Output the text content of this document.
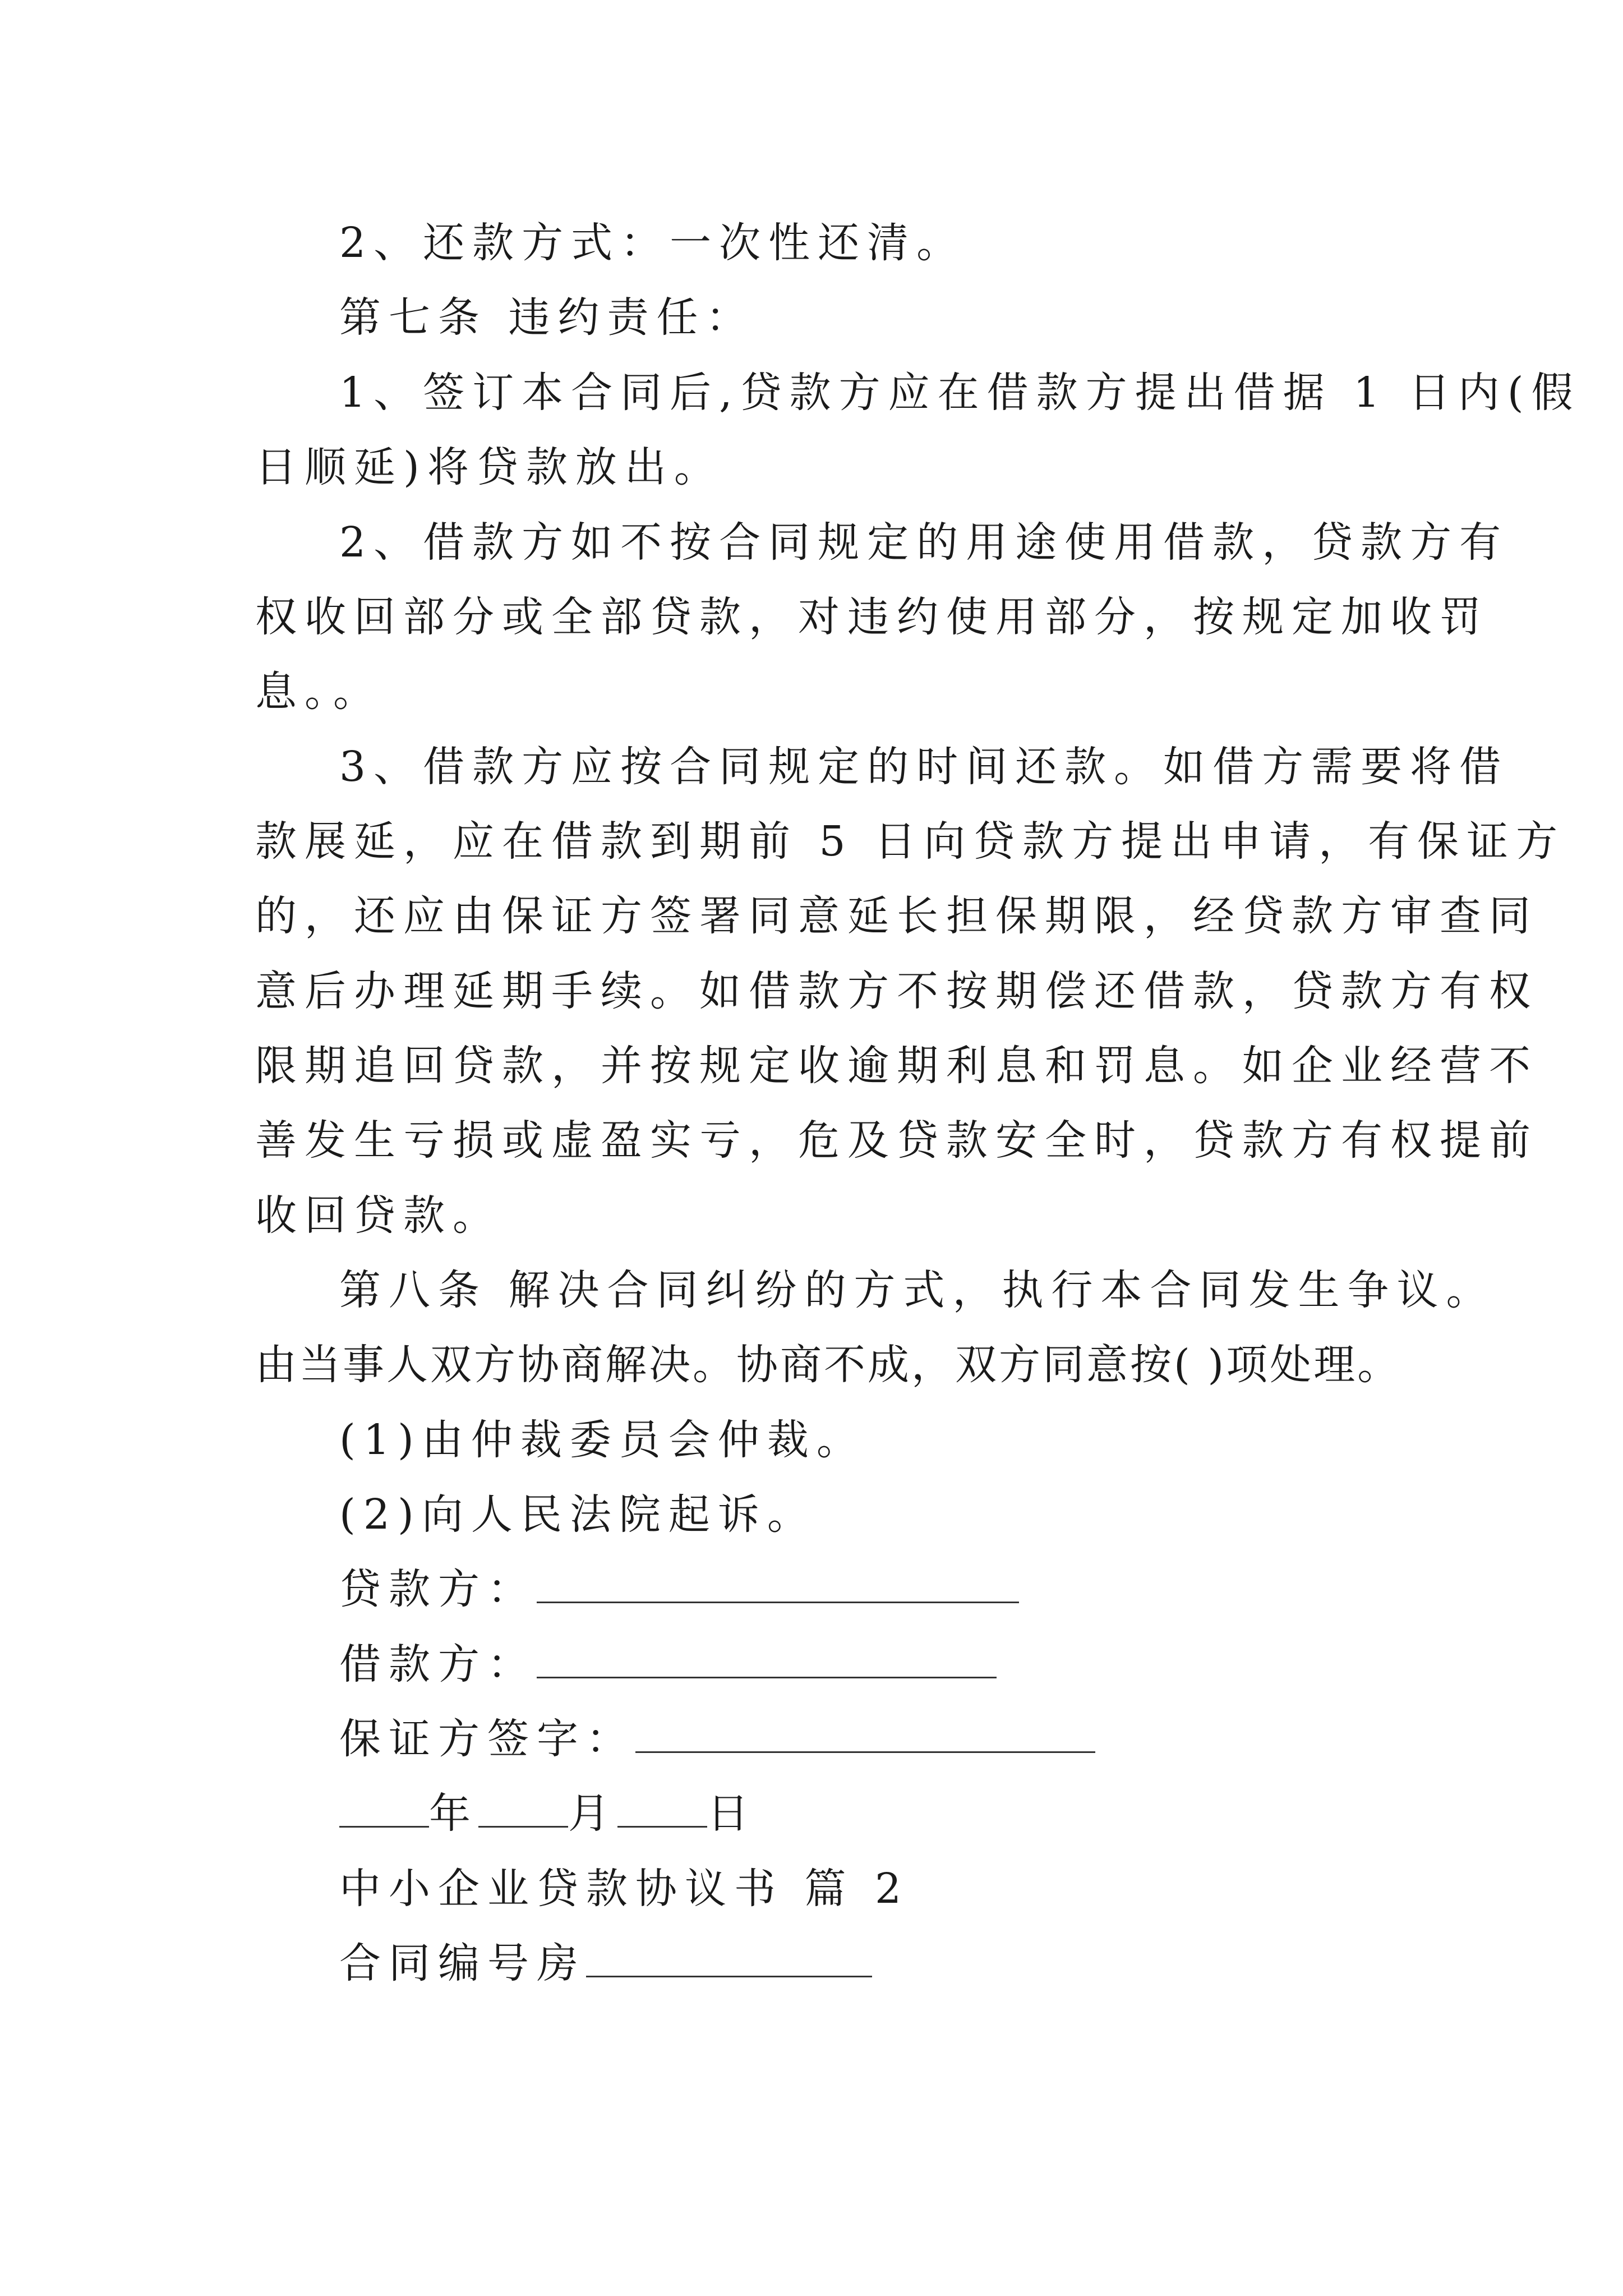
2、还款方式：一次性还清。
第七条 违约责任：
1、签订本合同后,贷款方应在借款方提出借据 1 日内(假
日顺延)将贷款放出。
2、借款方如不按合同规定的用途使用借款，贷款方有
权收回部分或全部贷款，对违约使用部分，按规定加收罚
息。。
3、借款方应按合同规定的时间还款。如借方需要将借
款展延，应在借款到期前 5 日向贷款方提出申请，有保证方
的，还应由保证方签署同意延长担保期限，经贷款方审查同
意后办理延期手续。如借款方不按期偿还借款，贷款方有权
限期追回贷款，并按规定收逾期利息和罚息。如企业经营不
善发生亏损或虚盈实亏，危及贷款安全时，贷款方有权提前
收回贷款。
第八条 解决合同纠纷的方式，执行本合同发生争议。
由当事人双方协商解决。协商不成，双方同意按( )项处理。
(1)由仲裁委员会仲裁。
(2)向人民法院起诉。
贷款方：
借款方：
保证方签字：
年 月 日
中小企业贷款协议书 篇 2
合同编号房
